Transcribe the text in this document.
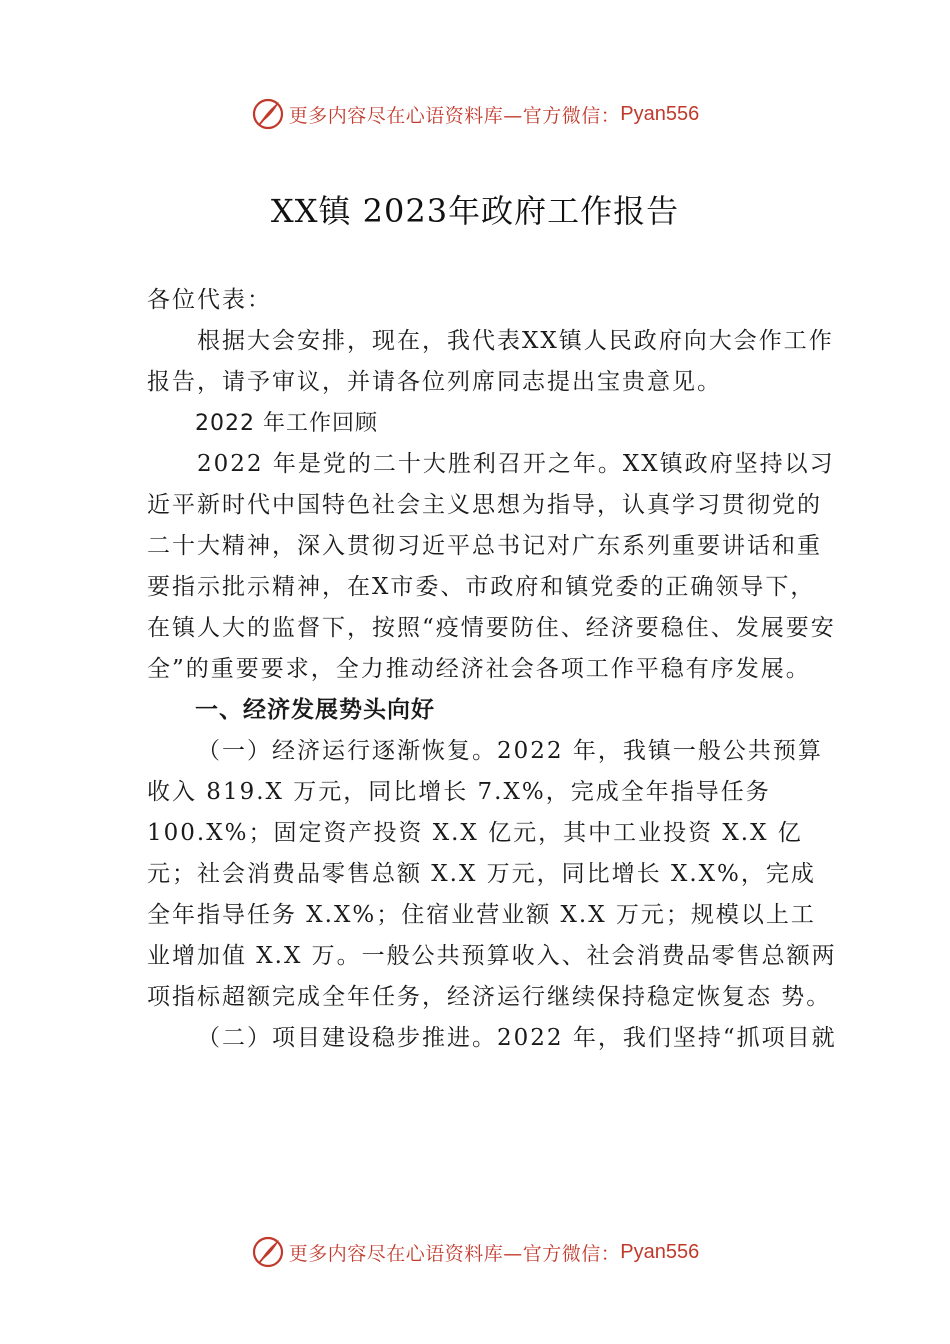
更多内容尽在心语资料库—官方微信： Pyan556
XX镇 2023年政府工作报告

各位代表：

根据大会安排，现在，我代表XX镇人民政府向大会作工作报告，请予审议，并请各位列席同志提出宝贵意见。

2022 年工作回顾

2022 年是党的二十大胜利召开之年。XX镇政府坚持以习近平新时代中国特色社会主义思想为指导，认真学习贯彻党的二十大精神，深入贯彻习近平总书记对广东系列重要讲话和重要指示批示精神，在X市委、市政府和镇党委的正确领导下，在镇人大的监督下，按照“疫情要防住、经济要稳住、发展要安全”的重要要求，全力推动经济社会各项工作平稳有序发展。

一、经济发展势头向好

（一）经济运行逐渐恢复。2022 年，我镇一般公共预算收入 819.X 万元，同比增长 7.X%，完成全年指导任务 100.X%；固定资产投资 X.X 亿元，其中工业投资 X.X 亿元；社会消费品零售总额 X.X 万元，同比增长 X.X%，完成全年指导任务 X.X%；住宿业营业额 X.X 万元；规模以上工业增加值 X.X 万。一般公共预算收入、社会消费品零售总额两项指标超额完成全年任务，经济运行继续保持稳定恢复态 势。

（二）项目建设稳步推进。2022 年，我们坚持“抓项目就

更多内容尽在心语资料库—官方微信： Pyan556
